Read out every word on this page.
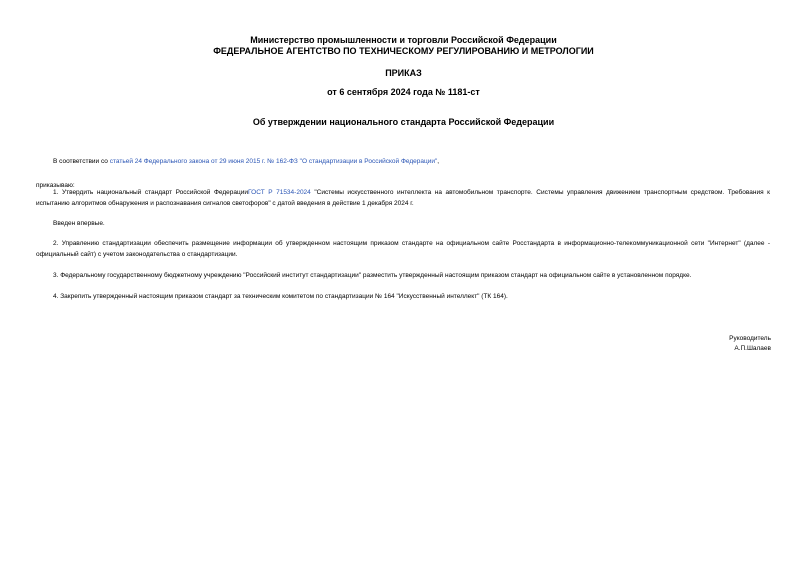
Министерство промышленности и торговли Российской Федерации
ФЕДЕРАЛЬНОЕ АГЕНТСТВО ПО ТЕХНИЧЕСКОМУ РЕГУЛИРОВАНИЮ И МЕТРОЛОГИИ
ПРИКАЗ
от 6 сентября 2024 года № 1181-ст
Об утверждении национального стандарта Российской Федерации
В соответствии со статьей 24 Федерального закона от 29 июня 2015 г. № 162-ФЗ "О стандартизации в Российской Федерации",
приказываю:
1. Утвердить национальный стандарт Российской ФедерацииГОСТ Р 71534-2024 "Системы искусственного интеллекта на автомобильном транспорте. Системы управления движением транспортным средством. Требования к испытанию алгоритмов обнаружения и распознавания сигналов светофоров" с датой введения в действие 1 декабря 2024 г.
Введен впервые.
2. Управлению стандартизации обеспечить размещение информации об утвержденном настоящим приказом стандарте на официальном сайте Росстандарта в информационно-телекоммуникационной сети "Интернет" (далее - официальный сайт) с учетом законодательства о стандартизации.
3. Федеральному государственному бюджетному учреждению "Российский институт стандартизации" разместить утвержденный настоящим приказом стандарт на официальном сайте в установленном порядке.
4. Закрепить утвержденный настоящим приказом стандарт за техническим комитетом по стандартизации № 164 "Искусственный интеллект" (ТК 164).
Руководитель
А.П.Шалаев
